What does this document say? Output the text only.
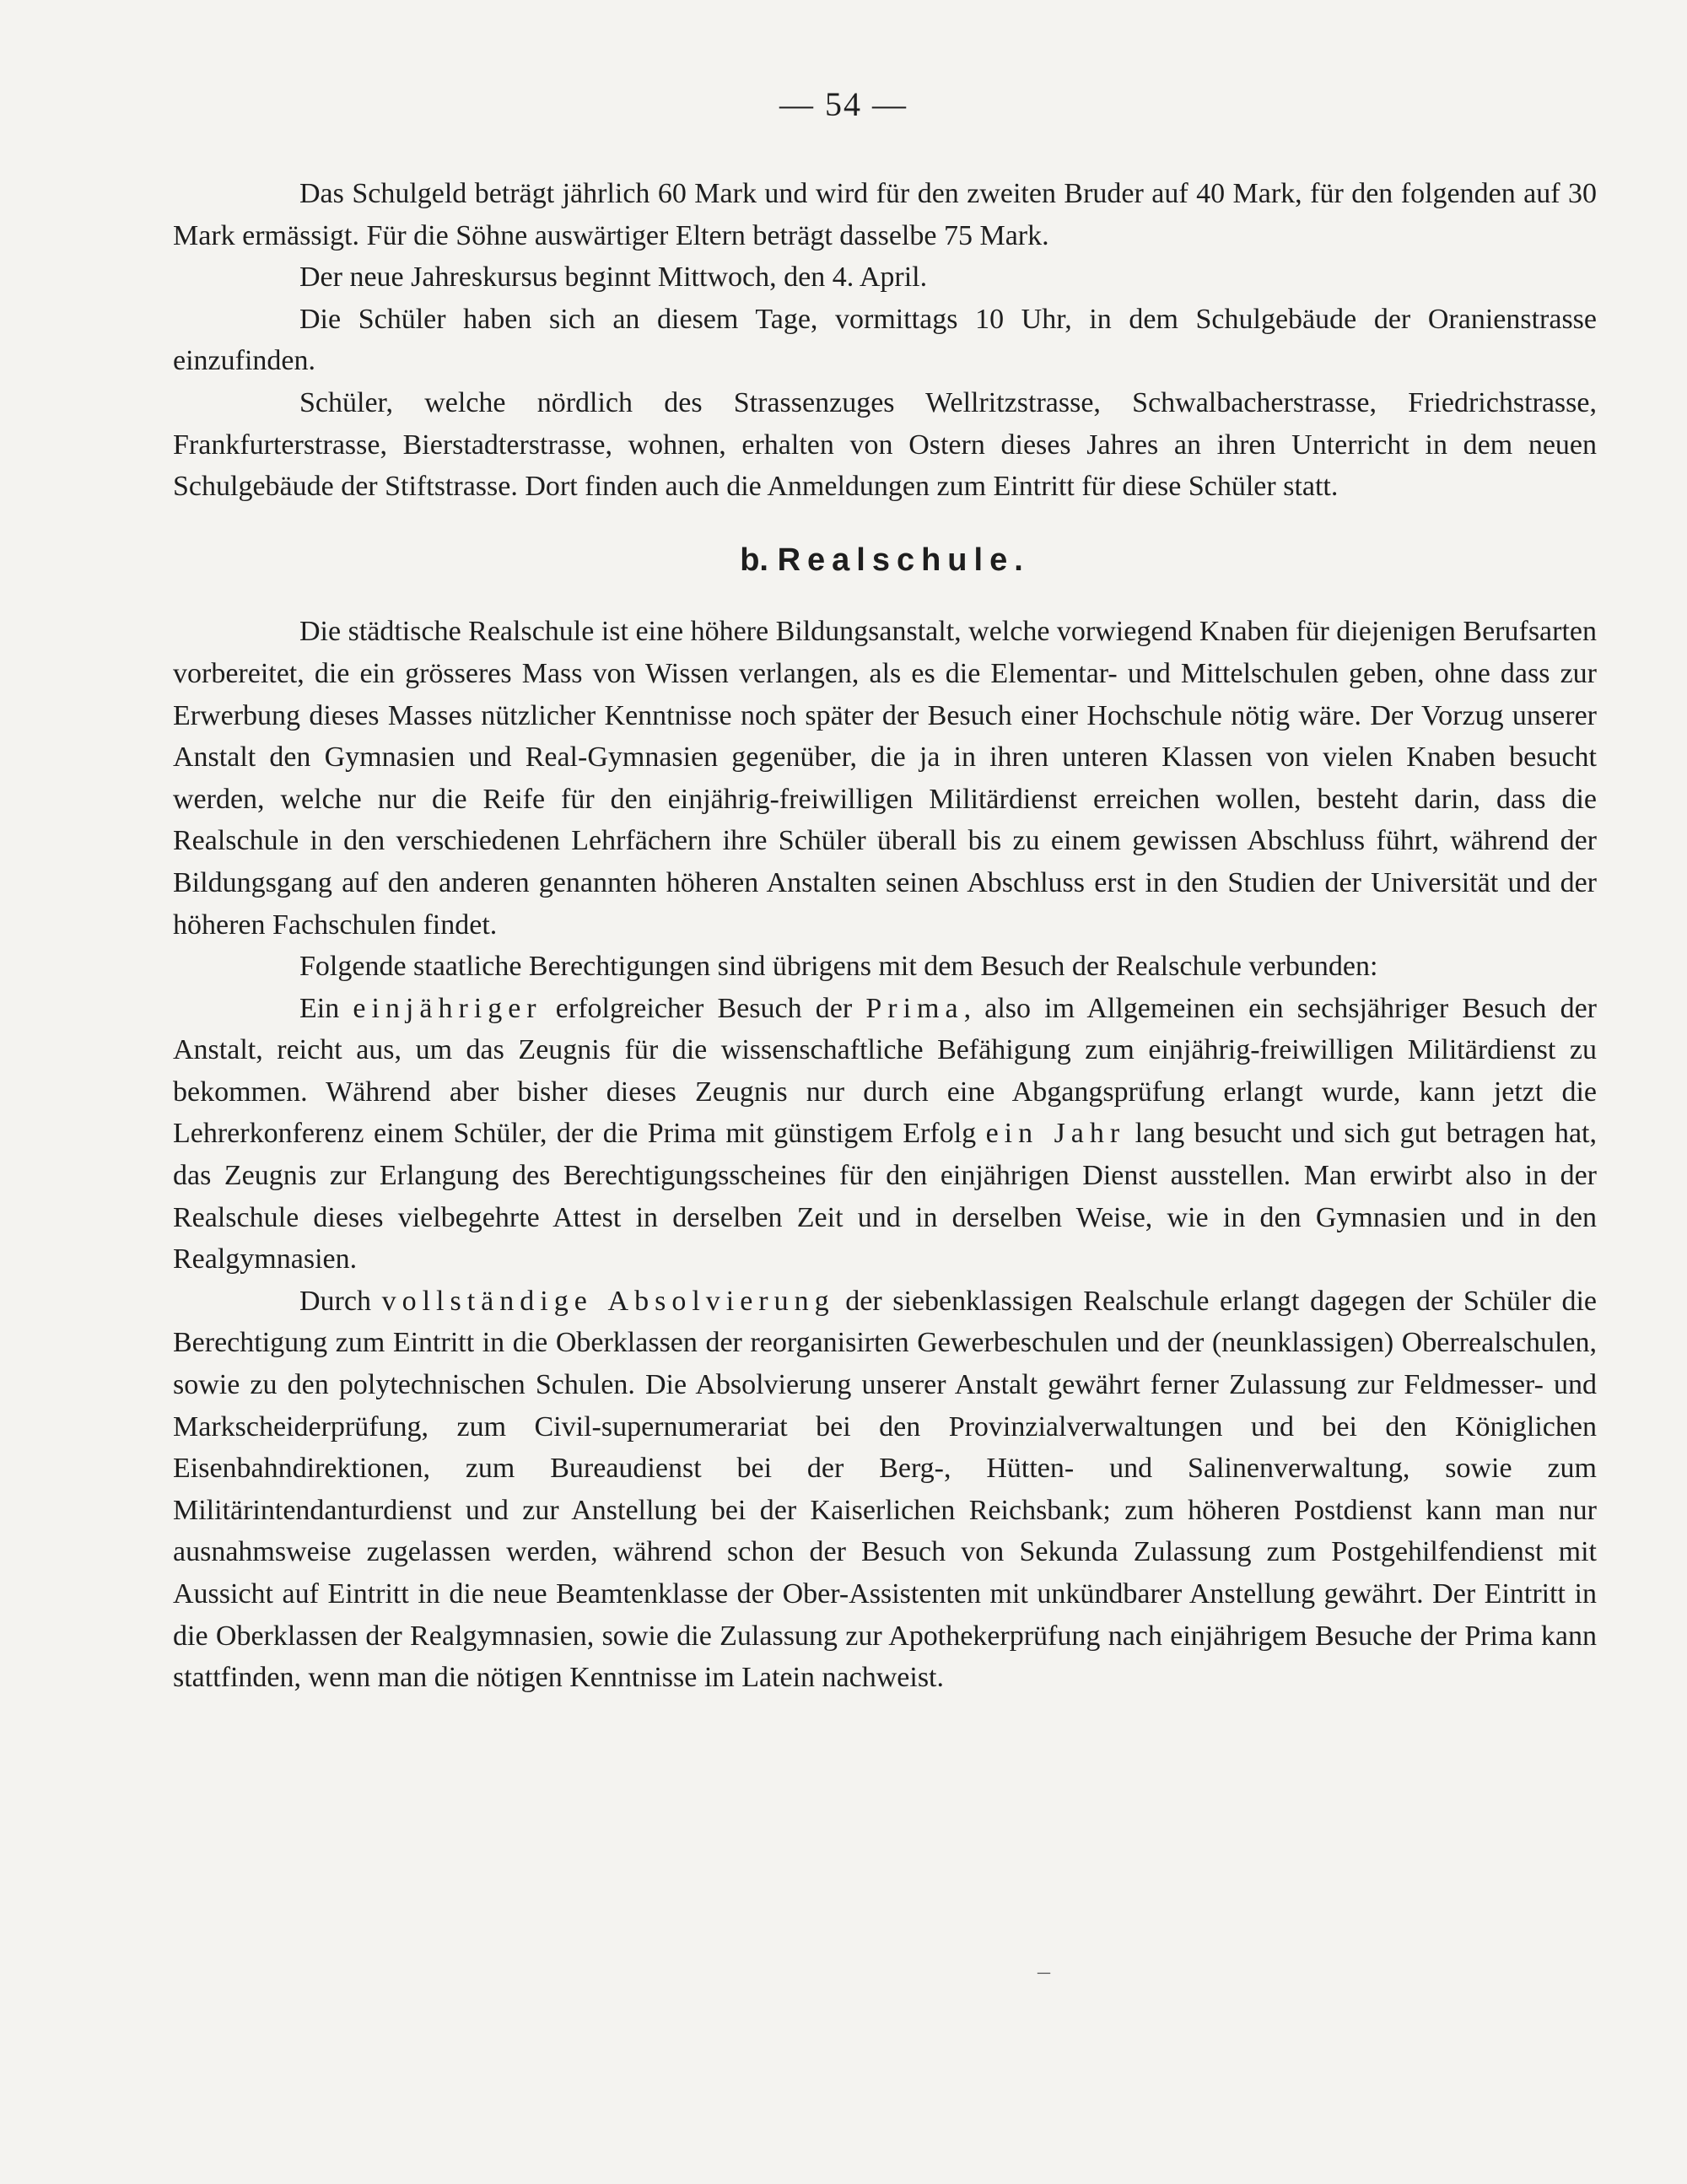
— 54 —

Das Schulgeld beträgt jährlich 60 Mark und wird für den zweiten Bruder auf 40 Mark, für den folgenden auf 30 Mark ermässigt. Für die Söhne auswärtiger Eltern beträgt dasselbe 75 Mark.

Der neue Jahreskursus beginnt Mittwoch, den 4. April.

Die Schüler haben sich an diesem Tage, vormittags 10 Uhr, in dem Schulgebäude der Oranienstrasse einzufinden.

Schüler, welche nördlich des Strassenzuges Wellritzstrasse, Schwalbacherstrasse, Friedrichstrasse, Frankfurterstrasse, Bierstadterstrasse, wohnen, erhalten von Ostern dieses Jahres an ihren Unterricht in dem neuen Schulgebäude der Stiftstrasse. Dort finden auch die Anmeldungen zum Eintritt für diese Schüler statt.

b. Realschule.

Die städtische Realschule ist eine höhere Bildungsanstalt, welche vorwiegend Knaben für diejenigen Berufsarten vorbereitet, die ein grösseres Mass von Wissen verlangen, als es die Elementar- und Mittelschulen geben, ohne dass zur Erwerbung dieses Masses nützlicher Kenntnisse noch später der Besuch einer Hochschule nötig wäre. Der Vorzug unserer Anstalt den Gymnasien und Real-Gymnasien gegenüber, die ja in ihren unteren Klassen von vielen Knaben besucht werden, welche nur die Reife für den einjährig-freiwilligen Militärdienst erreichen wollen, besteht darin, dass die Realschule in den verschiedenen Lehrfächern ihre Schüler überall bis zu einem gewissen Abschluss führt, während der Bildungsgang auf den anderen genannten höheren Anstalten seinen Abschluss erst in den Studien der Universität und der höheren Fachschulen findet.

Folgende staatliche Berechtigungen sind übrigens mit dem Besuch der Realschule verbunden:

Ein einjähriger erfolgreicher Besuch der Prima, also im Allgemeinen ein sechsjähriger Besuch der Anstalt, reicht aus, um das Zeugnis für die wissenschaftliche Befähigung zum einjährig-freiwilligen Militärdienst zu bekommen. Während aber bisher dieses Zeugnis nur durch eine Abgangsprüfung erlangt wurde, kann jetzt die Lehrerkonferenz einem Schüler, der die Prima mit günstigem Erfolg ein Jahr lang besucht und sich gut betragen hat, das Zeugnis zur Erlangung des Berechtigungsscheines für den einjährigen Dienst ausstellen. Man erwirbt also in der Realschule dieses vielbegehrte Attest in derselben Zeit und in derselben Weise, wie in den Gymnasien und in den Realgymnasien.

Durch vollständige Absolvierung der siebenklassigen Realschule erlangt dagegen der Schüler die Berechtigung zum Eintritt in die Oberklassen der reorganisirten Gewerbeschulen und der (neunklassigen) Oberrealschulen, sowie zu den polytechnischen Schulen. Die Absolvierung unserer Anstalt gewährt ferner Zulassung zur Feldmesser- und Markscheiderprüfung, zum Civil-supernumerariat bei den Provinzialverwaltungen und bei den Königlichen Eisenbahndirektionen, zum Bureaudienst bei der Berg-, Hütten- und Salinenverwaltung, sowie zum Militärintendanturdienst und zur Anstellung bei der Kaiserlichen Reichsbank; zum höheren Postdienst kann man nur ausnahmsweise zugelassen werden, während schon der Besuch von Sekunda Zulassung zum Postgehilfendienst mit Aussicht auf Eintritt in die neue Beamtenklasse der Ober-Assistenten mit unkündbarer Anstellung gewährt. Der Eintritt in die Oberklassen der Realgymnasien, sowie die Zulassung zur Apothekerprüfung nach einjährigem Besuche der Prima kann stattfinden, wenn man die nötigen Kenntnisse im Latein nachweist.

–
